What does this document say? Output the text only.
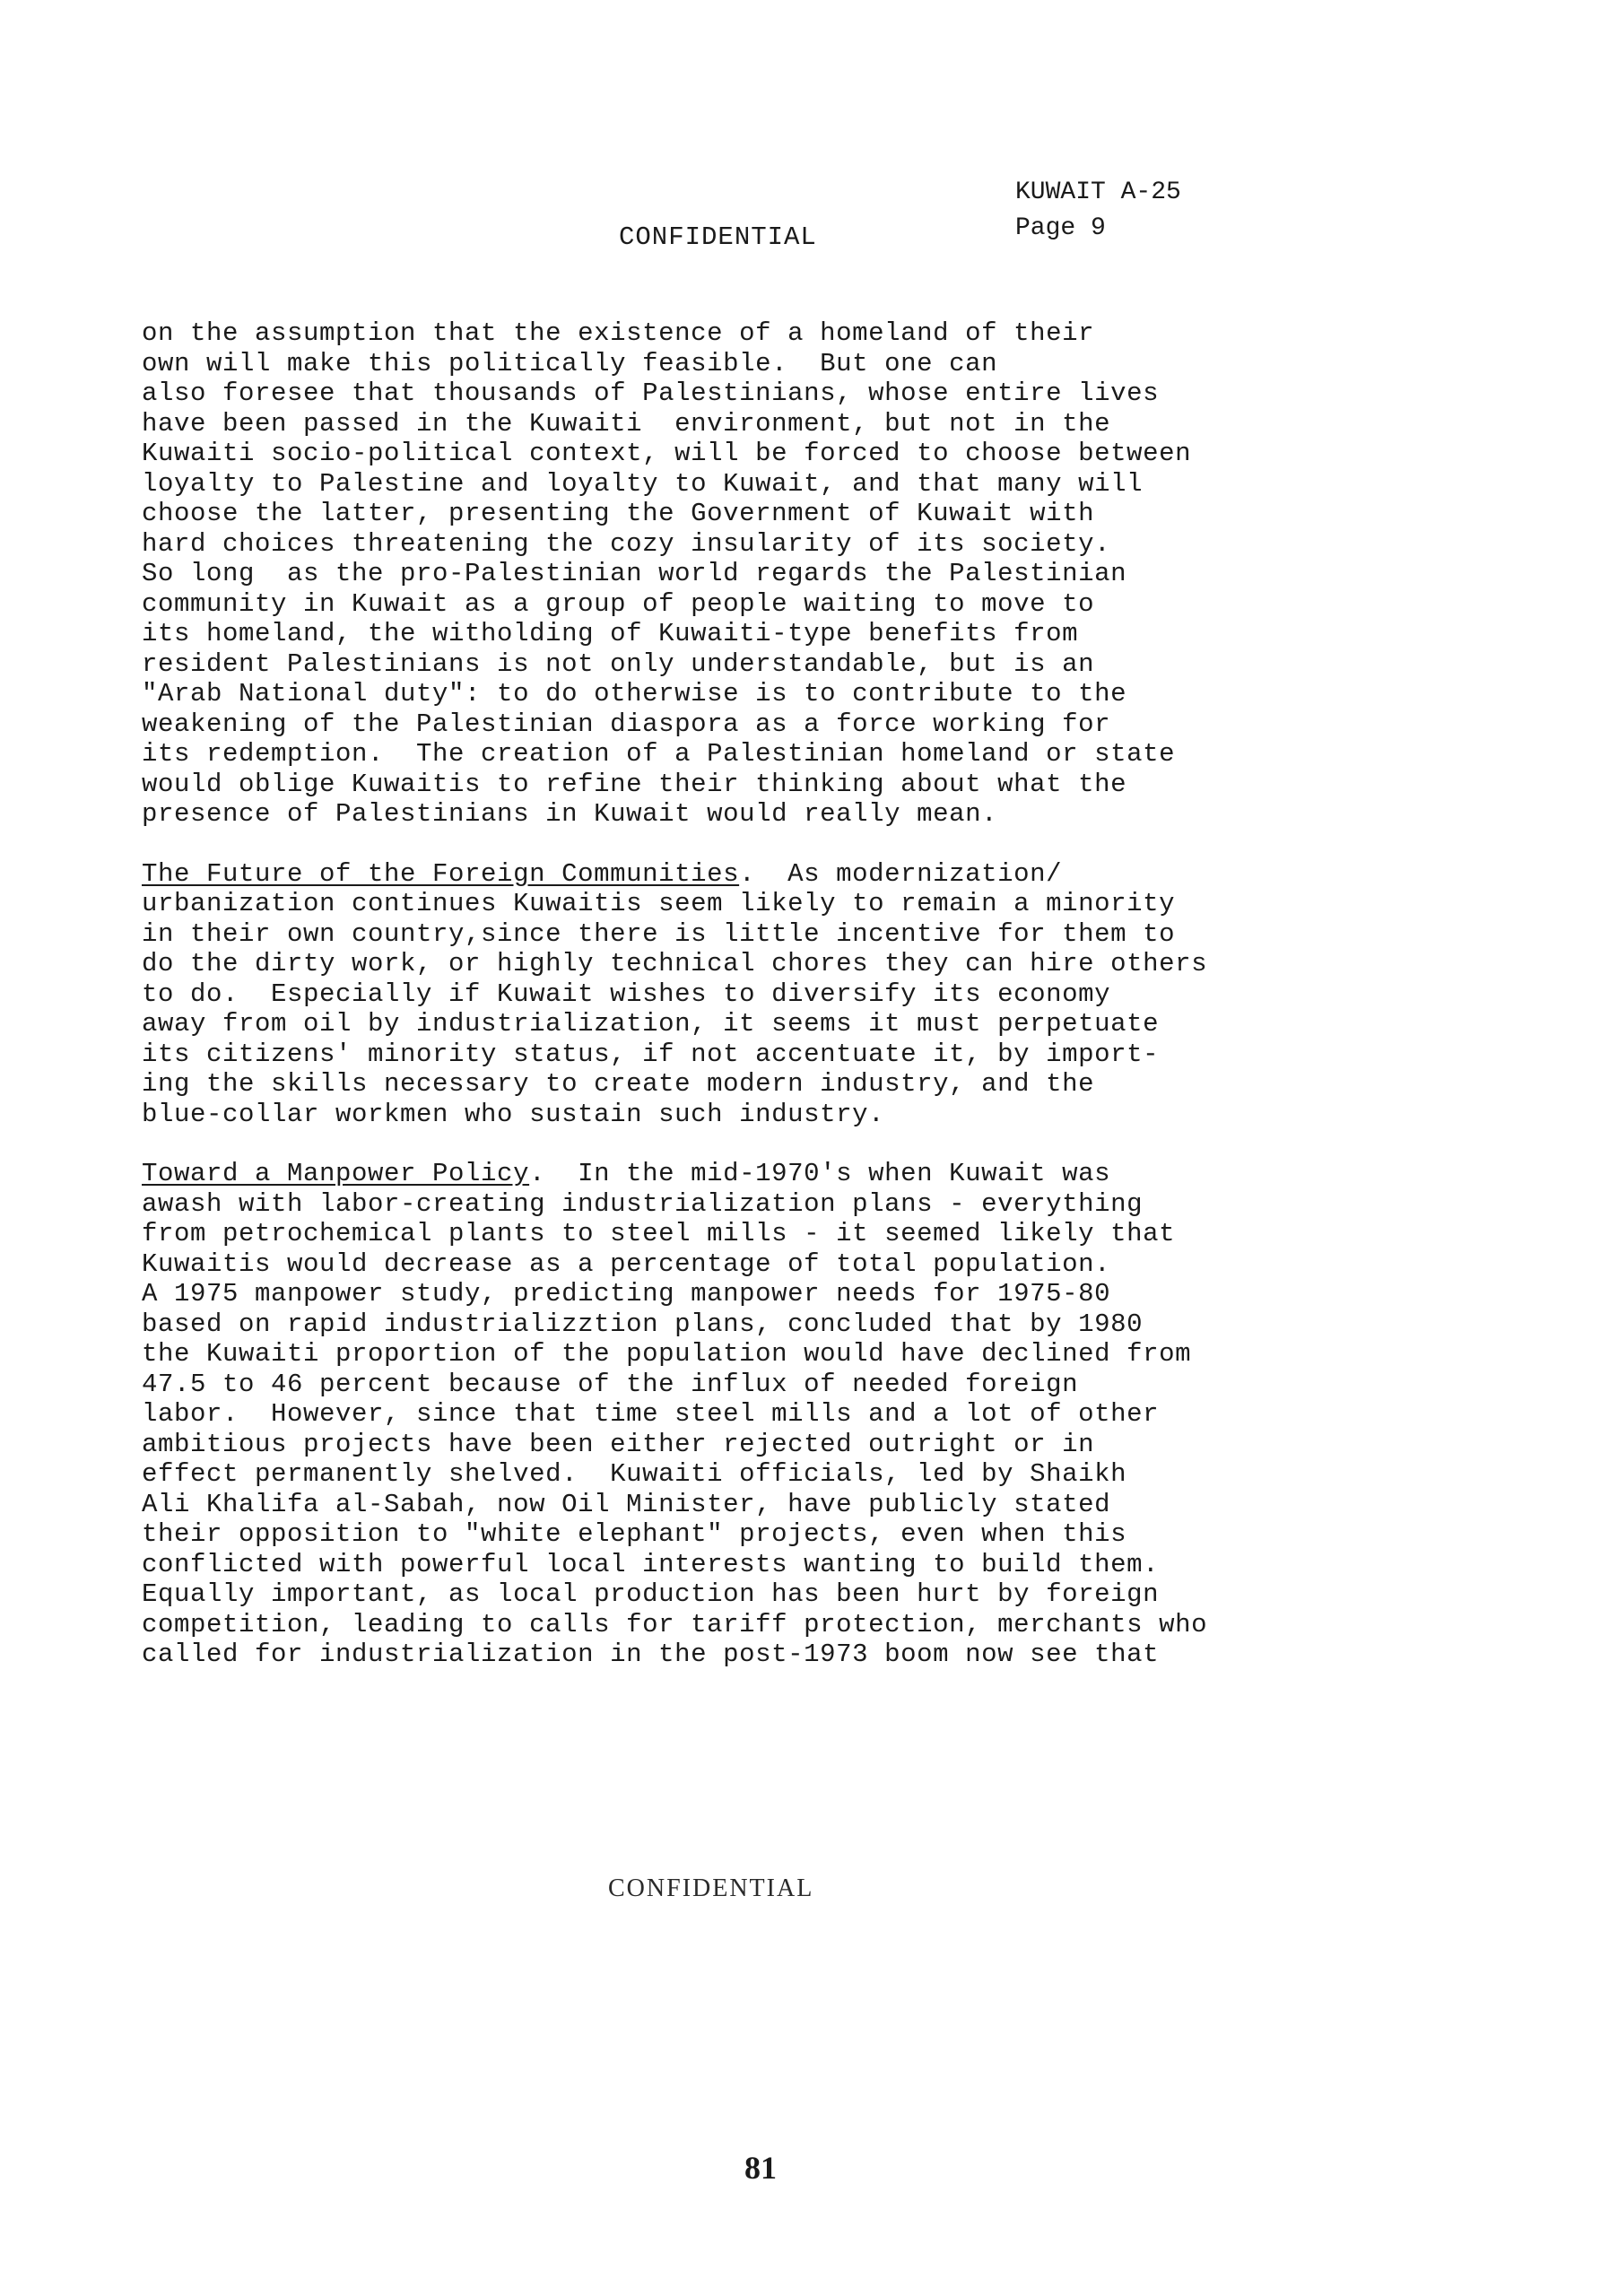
KUWAIT A-25
Page 9
CONFIDENTIAL
on the assumption that the existence of a homeland of their
own will make this politically feasible.  But one can
also foresee that thousands of Palestinians, whose entire lives
have been passed in the Kuwaiti  environment, but not in the
Kuwaiti socio-political context, will be forced to choose between
loyalty to Palestine and loyalty to Kuwait, and that many will
choose the latter, presenting the Government of Kuwait with
hard choices threatening the cozy insularity of its society.
So long  as the pro-Palestinian world regards the Palestinian
community in Kuwait as a group of people waiting to move to
its homeland, the witholding of Kuwaiti-type benefits from
resident Palestinians is not only understandable, but is an
"Arab National duty": to do otherwise is to contribute to the
weakening of the Palestinian diaspora as a force working for
its redemption.  The creation of a Palestinian homeland or state
would oblige Kuwaitis to refine their thinking about what the
presence of Palestinians in Kuwait would really mean.
The Future of the Foreign Communities.  As modernization/
urbanization continues Kuwaitis seem likely to remain a minority
in their own country,since there is little incentive for them to
do the dirty work, or highly technical chores they can hire others
to do.  Especially if Kuwait wishes to diversify its economy
away from oil by industrialization, it seems it must perpetuate
its citizens' minority status, if not accentuate it, by import-
ing the skills necessary to create modern industry, and the
blue-collar workmen who sustain such industry.
Toward a Manpower Policy.  In the mid-1970's when Kuwait was
awash with labor-creating industrialization plans - everything
from petrochemical plants to steel mills - it seemed likely that
Kuwaitis would decrease as a percentage of total population.
A 1975 manpower study, predicting manpower needs for 1975-80
based on rapid industrializztion plans, concluded that by 1980
the Kuwaiti proportion of the population would have declined from
47.5 to 46 percent because of the influx of needed foreign
labor.  However, since that time steel mills and a lot of other
ambitious projects have been either rejected outright or in
effect permanently shelved.  Kuwaiti officials, led by Shaikh
Ali Khalifa al-Sabah, now Oil Minister, have publicly stated
their opposition to "white elephant" projects, even when this
conflicted with powerful local interests wanting to build them.
Equally important, as local production has been hurt by foreign
competition, leading to calls for tariff protection, merchants who
called for industrialization in the post-1973 boom now see that
CONFIDENTIAL
81
